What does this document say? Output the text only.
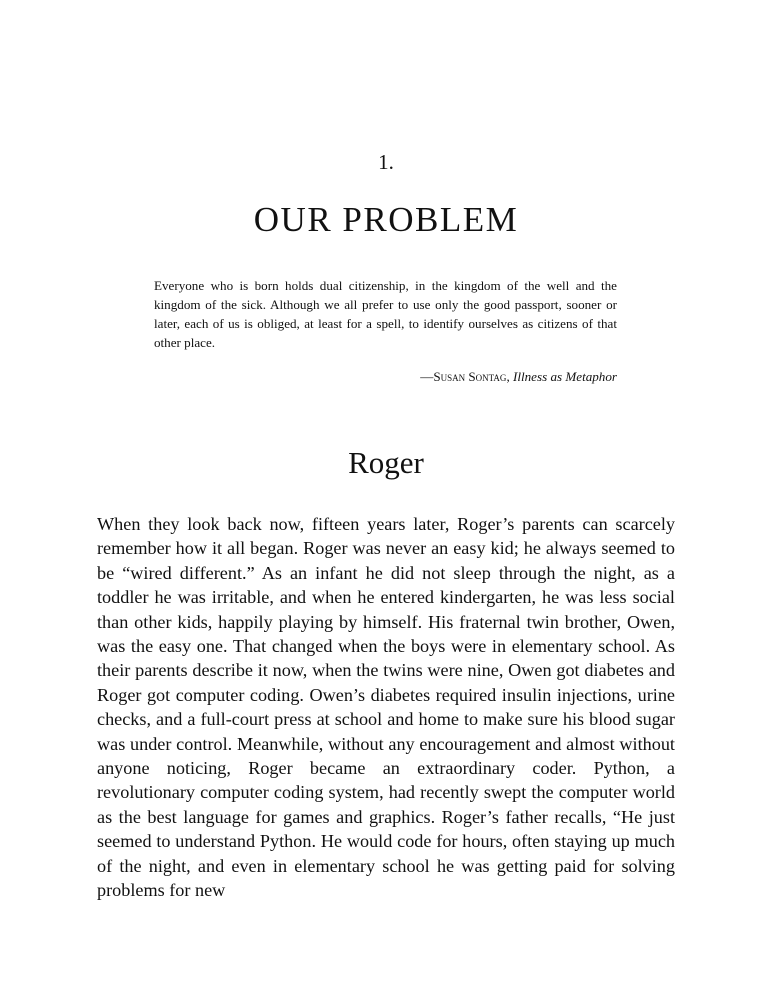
1.
OUR PROBLEM
Everyone who is born holds dual citizenship, in the kingdom of the well and the kingdom of the sick. Although we all prefer to use only the good passport, sooner or later, each of us is obliged, at least for a spell, to identify ourselves as citizens of that other place.
—Susan Sontag, Illness as Metaphor
Roger

When they look back now, fifteen years later, Roger’s parents can scarcely remember how it all began. Roger was never an easy kid; he always seemed to be “wired different.” As an infant he did not sleep through the night, as a toddler he was irritable, and when he entered kindergarten, he was less social than other kids, happily playing by himself. His fraternal twin brother, Owen, was the easy one. That changed when the boys were in elementary school. As their parents describe it now, when the twins were nine, Owen got diabetes and Roger got computer coding. Owen’s diabetes required insulin injections, urine checks, and a full-court press at school and home to make sure his blood sugar was under control. Meanwhile, without any encouragement and almost without anyone noticing, Roger became an extraordinary coder. Python, a revolutionary computer coding system, had recently swept the computer world as the best language for games and graphics. Roger’s father recalls, “He just seemed to understand Python. He would code for hours, often staying up much of the night, and even in elementary school he was getting paid for solving problems for new
